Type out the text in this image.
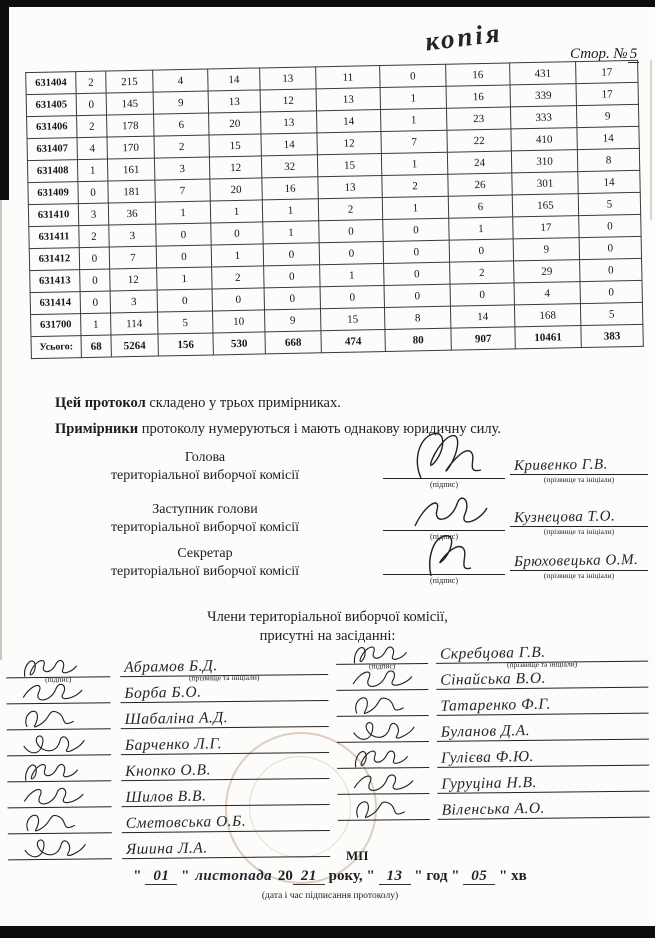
копія	Стор. № 5
631404	2	215	4	14	13	11	0	16	431	17
631405	0	145	9	13	12	13	1	16	339	17
631406	2	178	6	20	13	14	1	23	333	9
631407	4	170	2	15	14	12	7	22	410	14
631408	1	161	3	12	32	15	1	24	310	8
631409	0	181	7	20	16	13	2	26	301	14
631410	3	36	1	1	1	2	1	6	165	5
631411	2	3	0	0	1	0	0	1	17	0
631412	0	7	0	1	0	0	0	0	9	0
631413	0	12	1	2	0	1	0	2	29	0
631414	0	3	0	0	0	0	0	0	4	0
631700	1	114	5	10	9	15	8	14	168	5
Усього:	68	5264	156	530	668	474	80	907	10461	383
Цей протокол складено у трьох примірниках.
Примірники протоколу нумеруються і мають однакову юридичну силу.
Голова
територіальної виборчої комісії
(підпис)
Кривенко Г.В.
(прізвище та ініціали)
Заступник голови
територіальної виборчої комісії
(підпис)
Кузнецова Т.О.
(прізвище та ініціали)
Секретар
територіальної виборчої комісії
(підпис)
Брюховецька О.М.
(прізвище та ініціали)
Члени територіальної виборчої комісії,
присутні на засіданні:
(підпис)
Абрамов Б.Д.
(прізвище та ініціали)
Борба Б.О.
Шабаліна А.Д.
Барченко Л.Г.
Кнопко О.В.
Шилов В.В.
Сметовська О.Б.
Яшина Л.А.
(підпис)
Скребцова Г.В.
(прізвище та ініціали)
Сінайська В.О.
Татаренко Ф.Г.
Буланов Д.А.
Гулієва Ф.Ю.
Гуруціна Н.В.
Віленська А.О.
МП
" 01 " листопада 20 21 року, " 13 " год " 05 " хв
(дата і час підписання протоколу)
